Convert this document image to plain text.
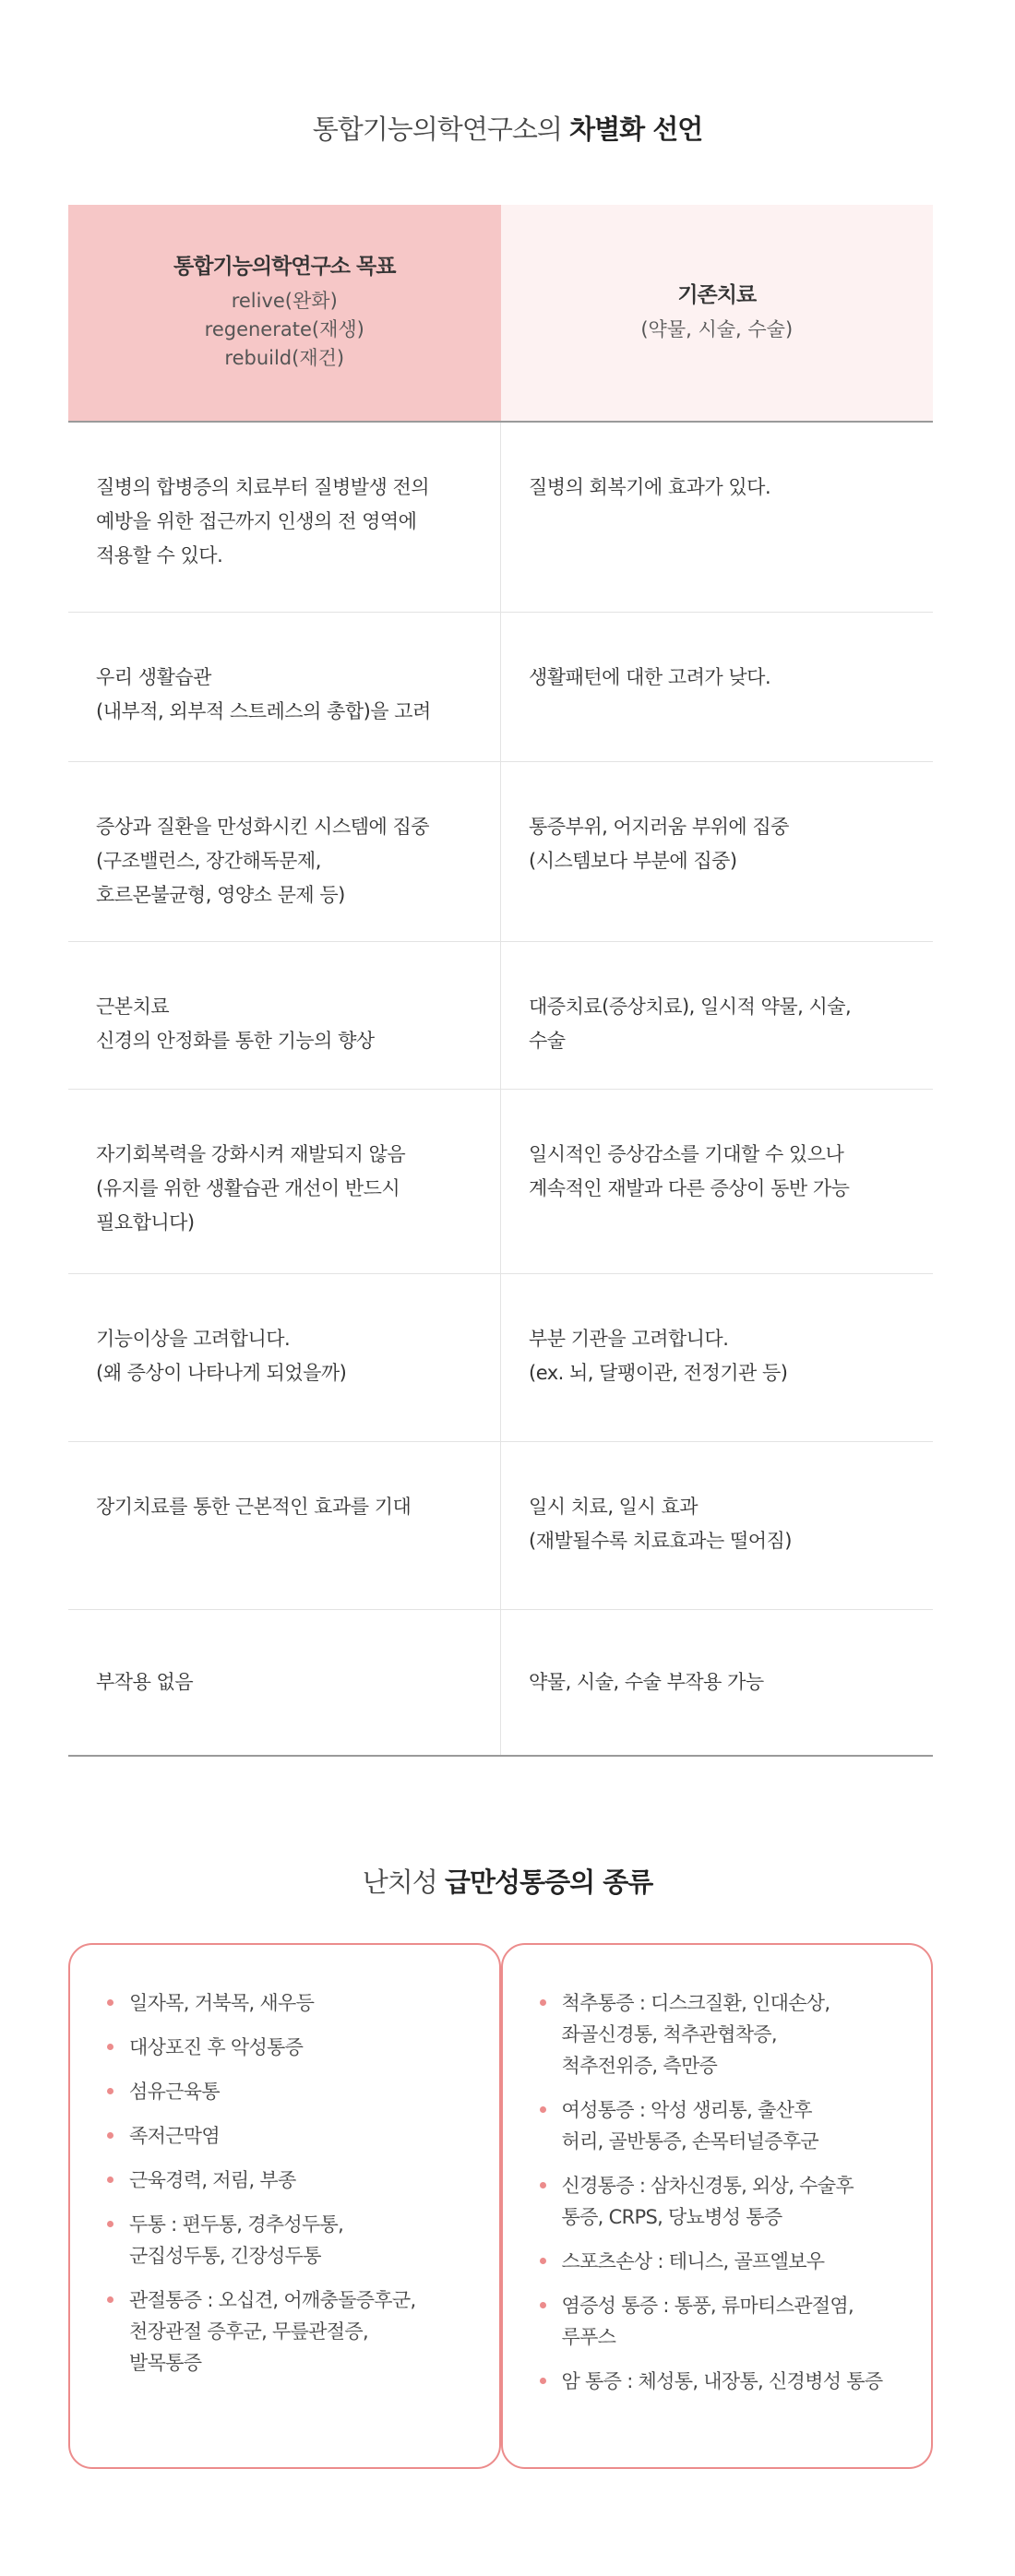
통합기능의학연구소의 차별화 선언
통합기능의학연구소 목표
relive(완화)
regenerate(재생)
rebuild(재건)
기존치료
(약물, 시술, 수술)
질병의 합병증의 치료부터 질병발생 전의
예방을 위한 접근까지 인생의 전 영역에
적용할 수 있다.
질병의 회복기에 효과가 있다.
우리 생활습관
(내부적, 외부적 스트레스의 총합)을 고려
생활패턴에 대한 고려가 낮다.
증상과 질환을 만성화시킨 시스템에 집중
(구조밸런스, 장간해독문제,
호르몬불균형, 영양소 문제 등)
통증부위, 어지러움 부위에 집중
(시스템보다 부분에 집중)
근본치료
신경의 안정화를 통한 기능의 향상
대증치료(증상치료), 일시적 약물, 시술,
수술
자기회복력을 강화시켜 재발되지 않음
(유지를 위한 생활습관 개선이 반드시
필요합니다)
일시적인 증상감소를 기대할 수 있으나
계속적인 재발과 다른 증상이 동반 가능
기능이상을 고려합니다.
(왜 증상이 나타나게 되었을까)
부분 기관을 고려합니다.
(ex. 뇌, 달팽이관, 전정기관 등)
장기치료를 통한 근본적인 효과를 기대	일시 치료, 일시 효과
(재발될수록 치료효과는 떨어짐)
부작용 없음	약물, 시술, 수술 부작용 가능
난치성 급만성통증의 종류
일자목, 거북목, 새우등
대상포진 후 악성통증
섬유근육통
족저근막염
근육경력, 저림, 부종
두통 : 편두통, 경추성두통,
군집성두통, 긴장성두통
관절통증 : 오십견, 어깨충돌증후군,
천장관절 증후군, 무릎관절증,
발목통증
척추통증 : 디스크질환, 인대손상,
좌골신경통, 척추관협착증,
척추전위증, 측만증
여성통증 : 악성 생리통, 출산후
허리, 골반통증, 손목터널증후군
신경통증 : 삼차신경통, 외상, 수술후
통증, CRPS, 당뇨병성 통증
스포츠손상 : 테니스, 골프엘보우
염증성 통증 : 통풍, 류마티스관절염,
루푸스
암 통증 : 체성통, 내장통, 신경병성 통증
